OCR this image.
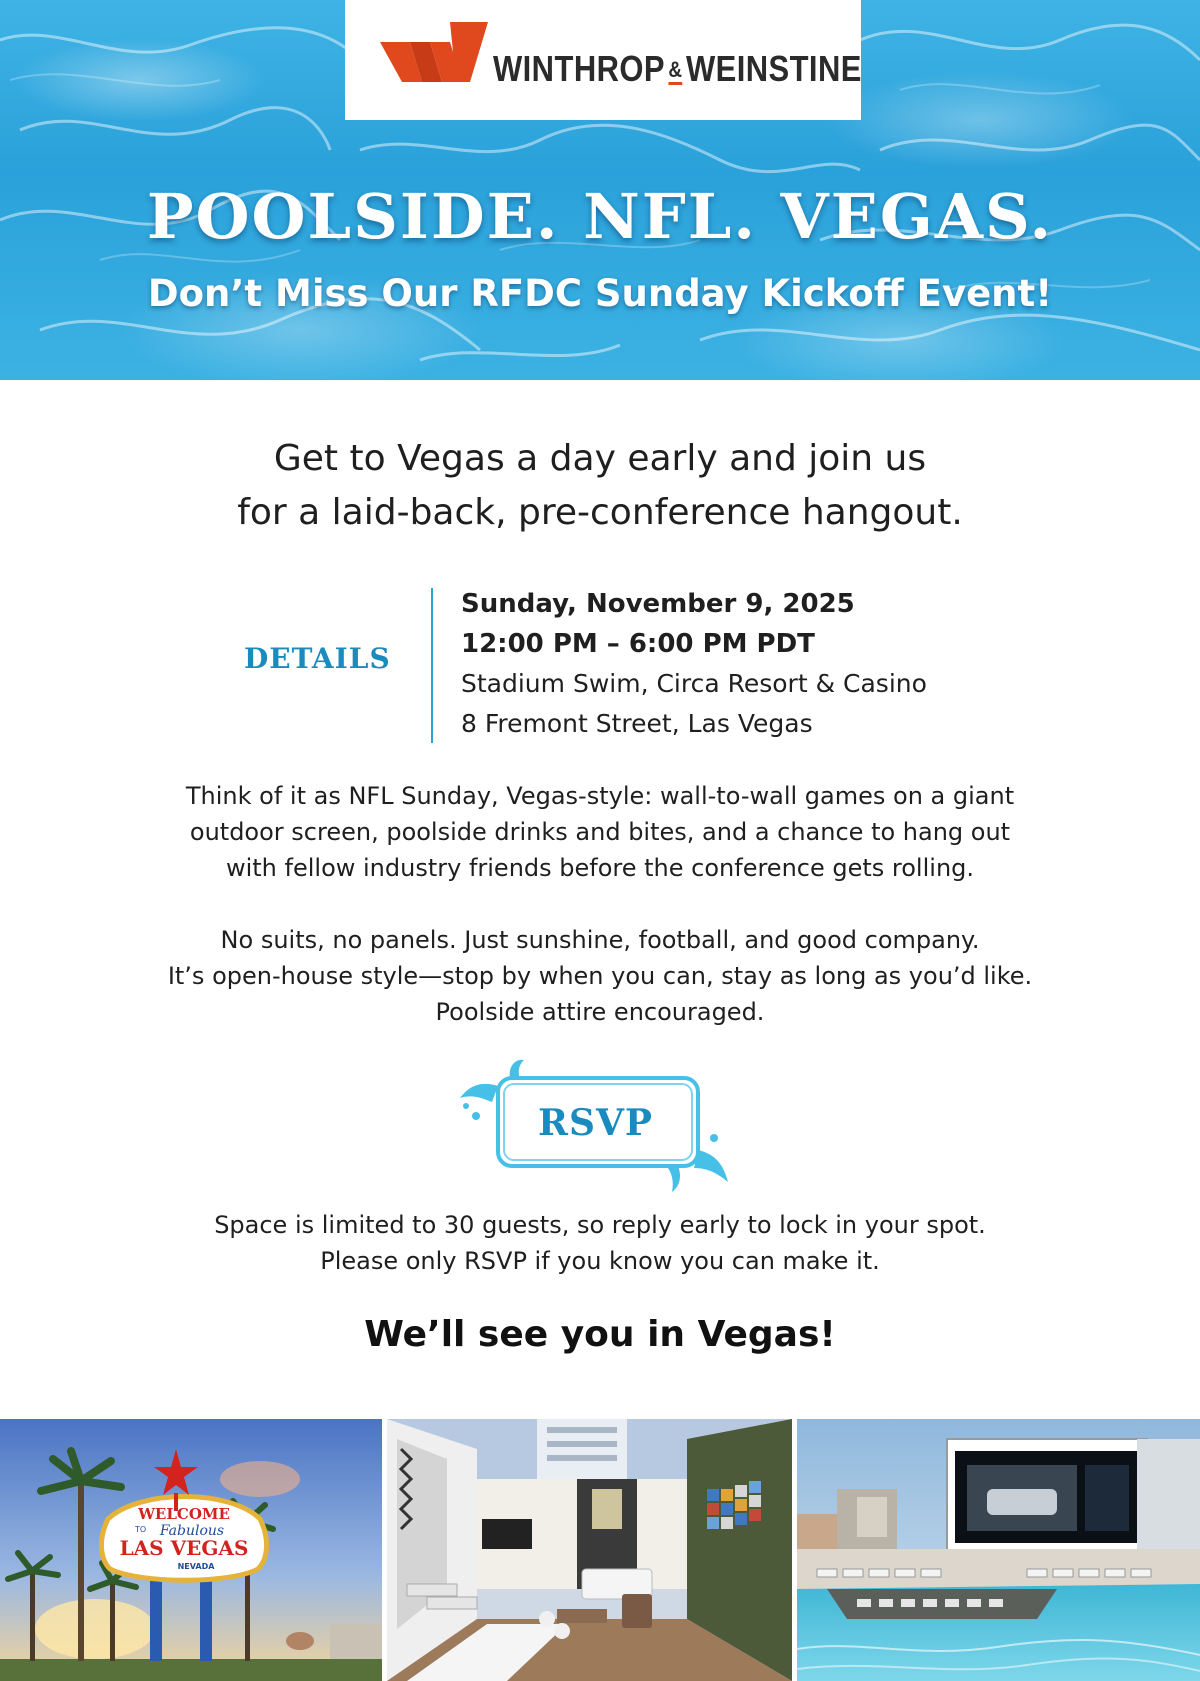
WINTHROP &WEINSTINE
POOLSIDE. NFL. VEGAS.
Don’t Miss Our RFDC Sunday Kickoff Event!
Get to Vegas a day early and join us
for a laid-back, pre-conference hangout.
DETAILS
Sunday, November 9, 2025
12:00 PM – 6:00 PM PDT
Stadium Swim, Circa Resort & Casino
8 Fremont Street, Las Vegas
Think of it as NFL Sunday, Vegas-style: wall-to-wall games on a giant
outdoor screen, poolside drinks and bites, and a chance to hang out
with fellow industry friends before the conference gets rolling.
No suits, no panels. Just sunshine, football, and good company.
It’s open-house style—stop by when you can, stay as long as you’d like.
Poolside attire encouraged.
RSVP
Space is limited to 30 guests, so reply early to lock in your spot.
Please only RSVP if you know you can make it.
We’ll see you in Vegas!
WELCOME
TO Fabulous
LAS VEGAS
NEVADA
